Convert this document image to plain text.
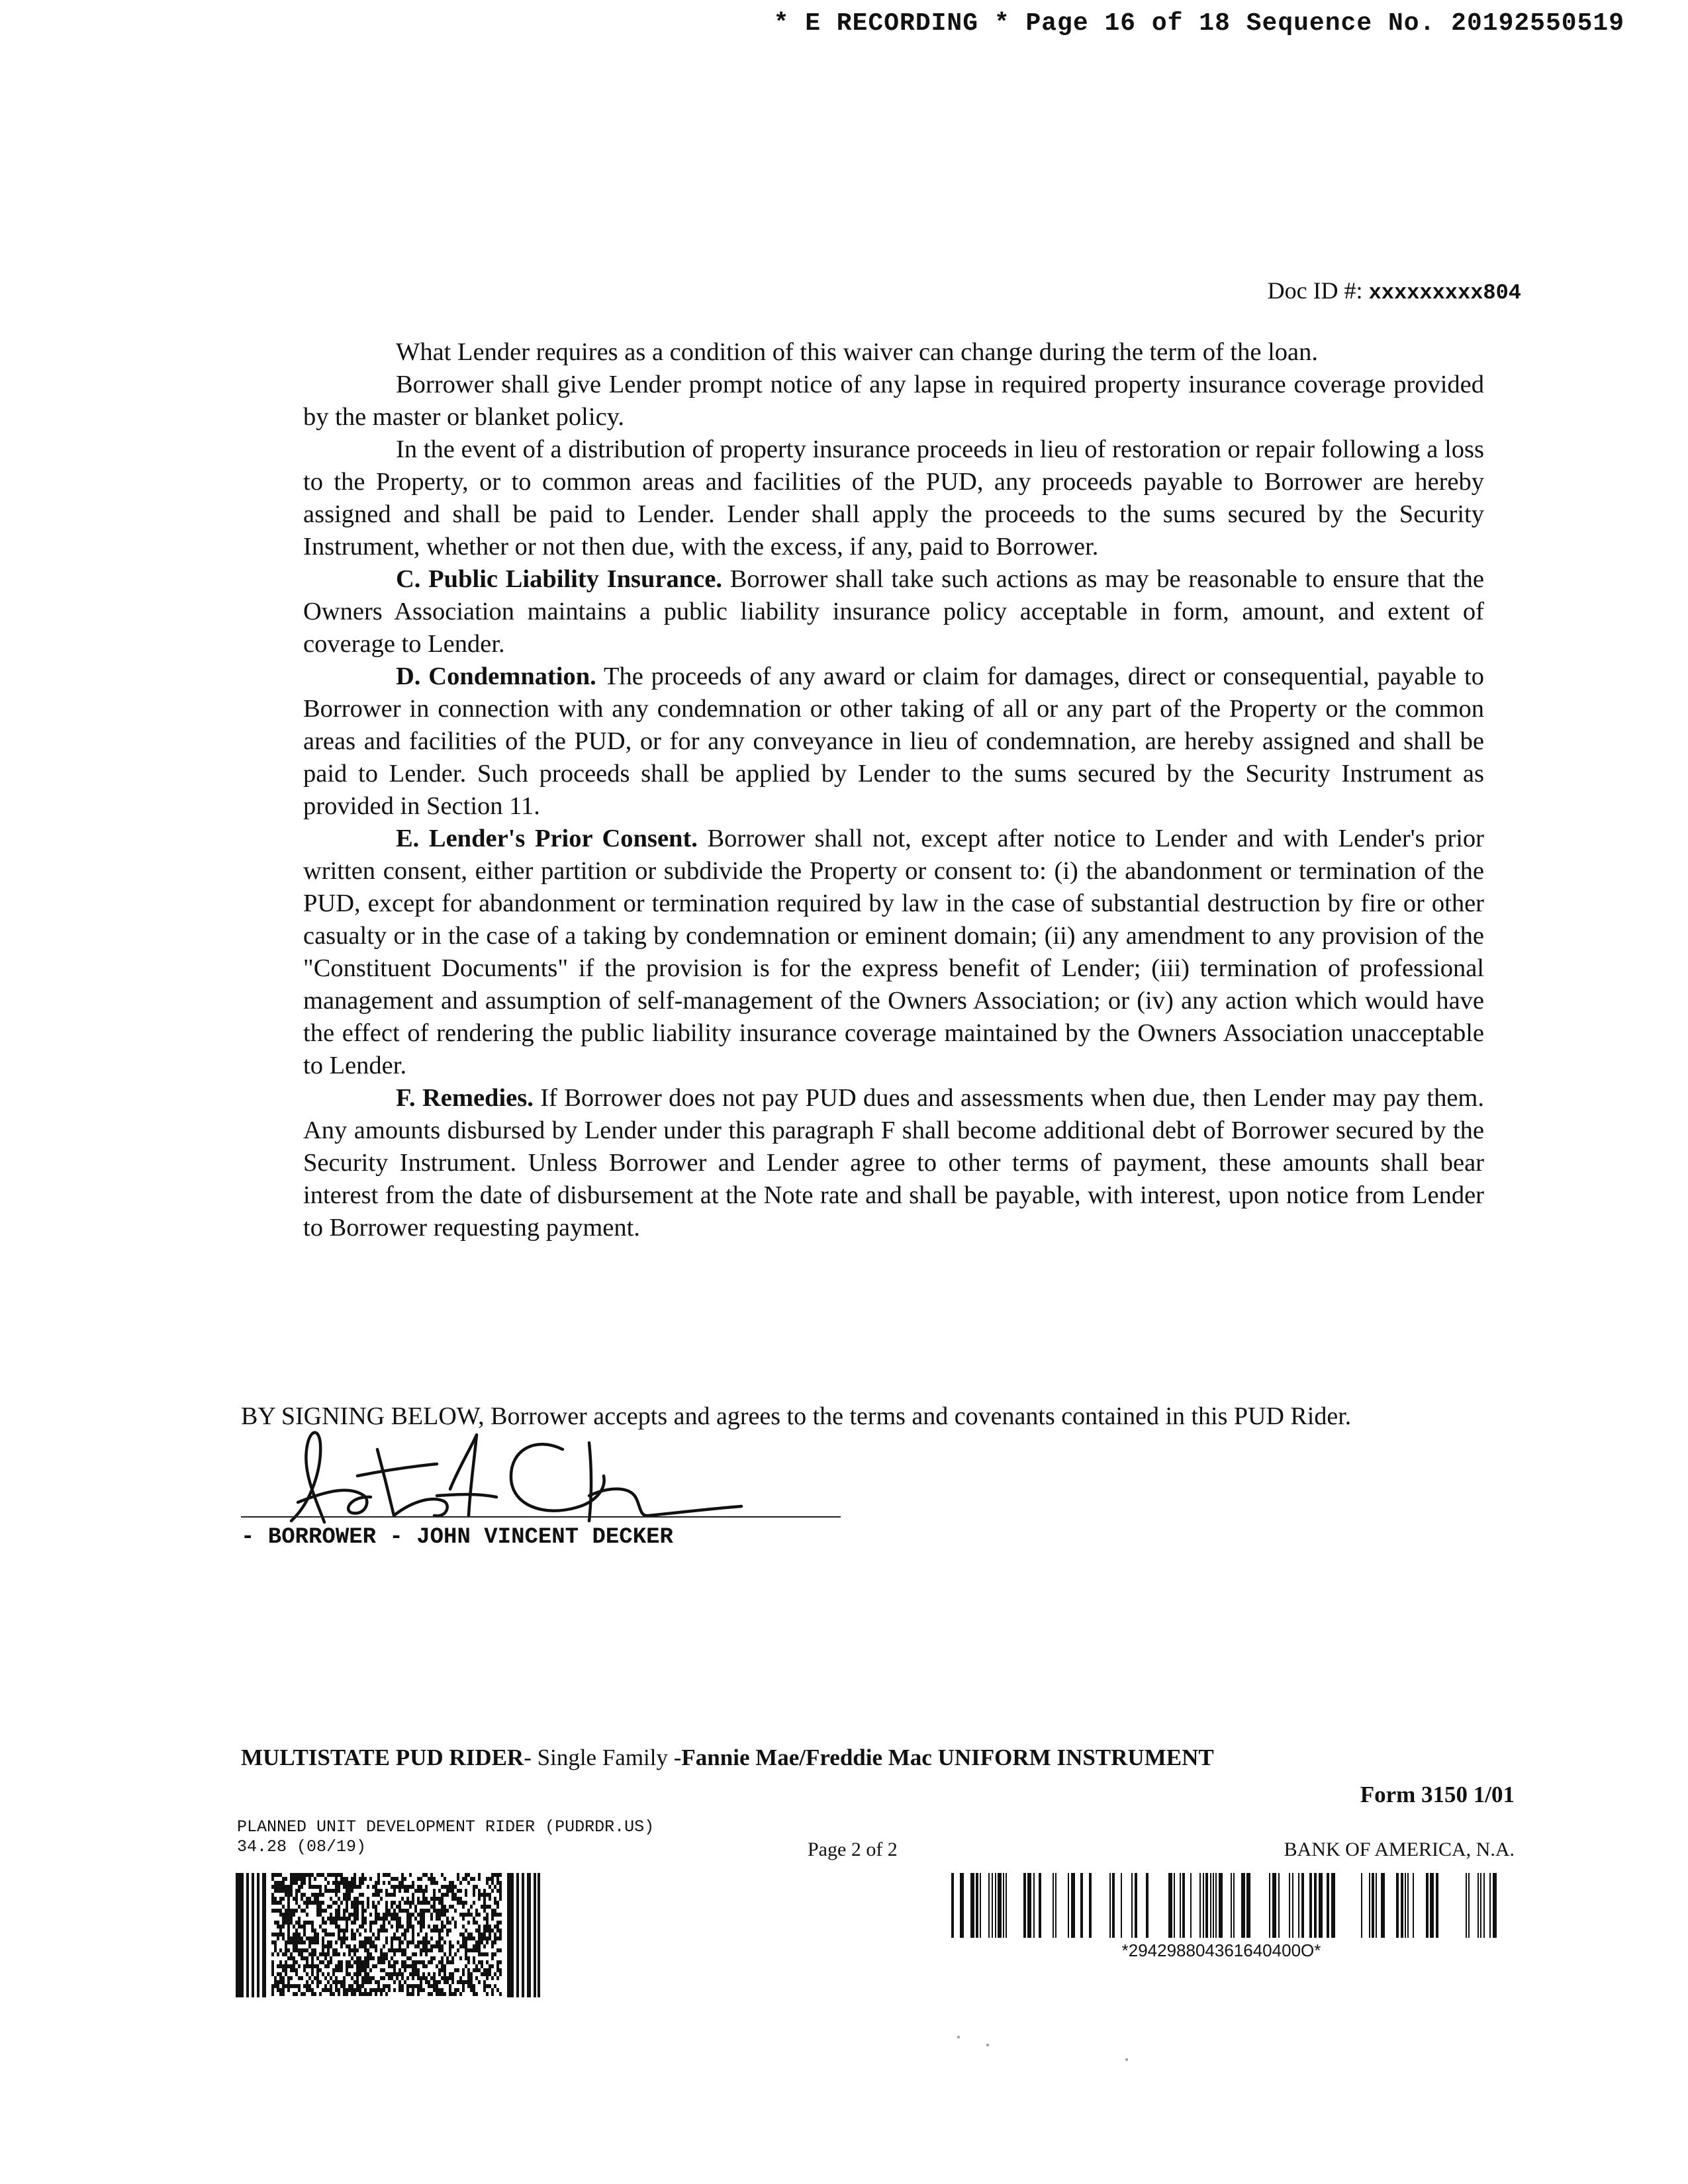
* E RECORDING * Page 16 of 18 Sequence No. 20192550519
Doc ID #: xxxxxxxxx804

What Lender requires as a condition of this waiver can change during the term of the loan.

Borrower shall give Lender prompt notice of any lapse in required property insurance coverage provided by the master or blanket policy.

In the event of a distribution of property insurance proceeds in lieu of restoration or repair following a loss to the Property, or to common areas and facilities of the PUD, any proceeds payable to Borrower are hereby assigned and shall be paid to Lender. Lender shall apply the proceeds to the sums secured by the Security Instrument, whether or not then due, with the excess, if any, paid to Borrower.

C. Public Liability Insurance. Borrower shall take such actions as may be reasonable to ensure that the Owners Association maintains a public liability insurance policy acceptable in form, amount, and extent of coverage to Lender.

D. Condemnation. The proceeds of any award or claim for damages, direct or consequential, payable to Borrower in connection with any condemnation or other taking of all or any part of the Property or the common areas and facilities of the PUD, or for any conveyance in lieu of condemnation, are hereby assigned and shall be paid to Lender. Such proceeds shall be applied by Lender to the sums secured by the Security Instrument as provided in Section 11.

E. Lender's Prior Consent. Borrower shall not, except after notice to Lender and with Lender's prior written consent, either partition or subdivide the Property or consent to: (i) the abandonment or termination of the PUD, except for abandonment or termination required by law in the case of substantial destruction by fire or other casualty or in the case of a taking by condemnation or eminent domain; (ii) any amendment to any provision of the "Constituent Documents" if the provision is for the express benefit of Lender; (iii) termination of professional management and assumption of self-management of the Owners Association; or (iv) any action which would have the effect of rendering the public liability insurance coverage maintained by the Owners Association unacceptable to Lender.

F. Remedies. If Borrower does not pay PUD dues and assessments when due, then Lender may pay them. Any amounts disbursed by Lender under this paragraph F shall become additional debt of Borrower secured by the Security Instrument. Unless Borrower and Lender agree to other terms of payment, these amounts shall bear interest from the date of disbursement at the Note rate and shall be payable, with interest, upon notice from Lender to Borrower requesting payment.

BY SIGNING BELOW, Borrower accepts and agrees to the terms and covenants contained in this PUD Rider.
- BORROWER - JOHN VINCENT DECKER
MULTISTATE PUD RIDER- Single Family -Fannie Mae/Freddie Mac UNIFORM INSTRUMENT
Form 3150 1/01
PLANNED UNIT DEVELOPMENT RIDER (PUDRDR.US)
34.28 (08/19)	Page 2 of 2	BANK OF AMERICA, N.A.
*294298804361640400O*
